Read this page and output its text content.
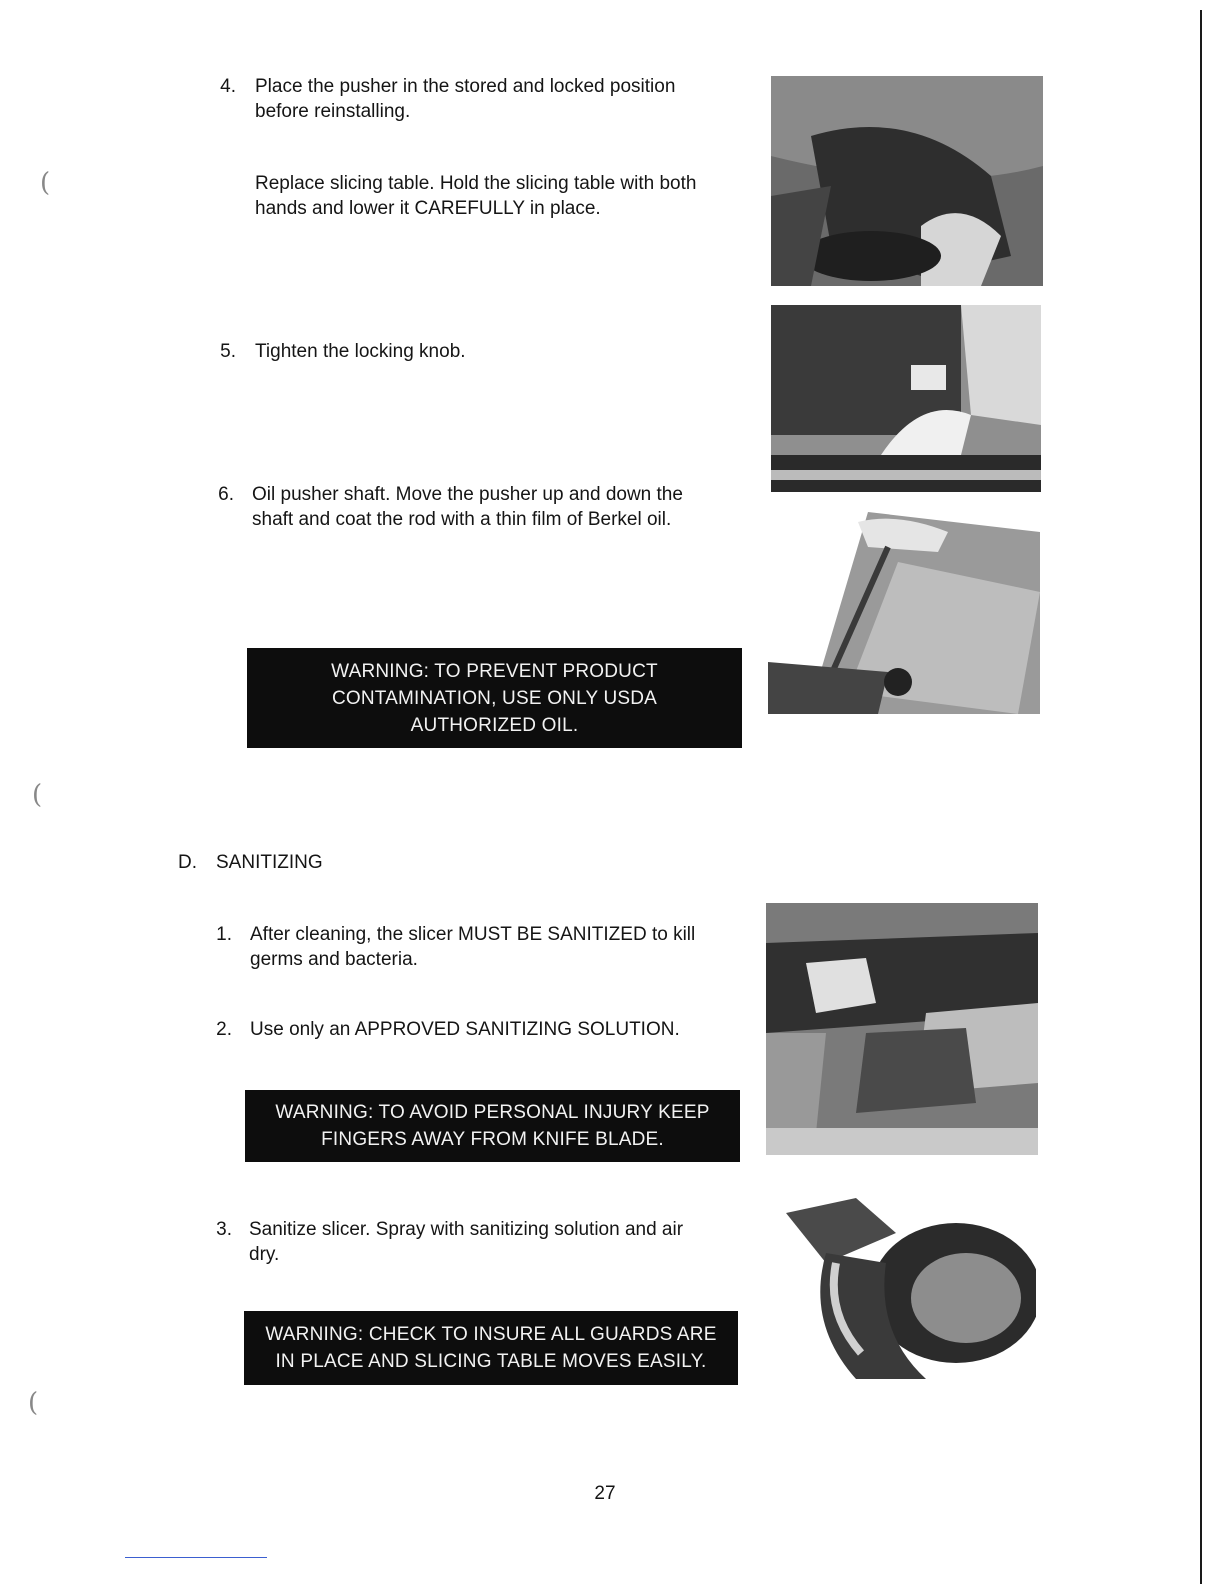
(
(
(
4. Place the pusher in the stored and locked position
before reinstalling.
Replace slicing table. Hold the slicing table with both
hands and lower it CAREFULLY in place.
5. Tighten the locking knob.
6. Oil pusher shaft. Move the pusher up and down the
shaft and coat the rod with a thin film of Berkel oil.
WARNING: TO PREVENT PRODUCT
CONTAMINATION, USE ONLY USDA
AUTHORIZED OIL.
D. SANITIZING
1. After cleaning, the slicer MUST BE SANITIZED to kill
germs and bacteria.
2. Use only an APPROVED SANITIZING SOLUTION.
WARNING: TO AVOID PERSONAL INJURY KEEP
FINGERS AWAY FROM KNIFE BLADE.
3. Sanitize slicer. Spray with sanitizing solution and air
dry.
WARNING: CHECK TO INSURE ALL GUARDS ARE
IN PLACE AND SLICING TABLE MOVES EASILY.
27
